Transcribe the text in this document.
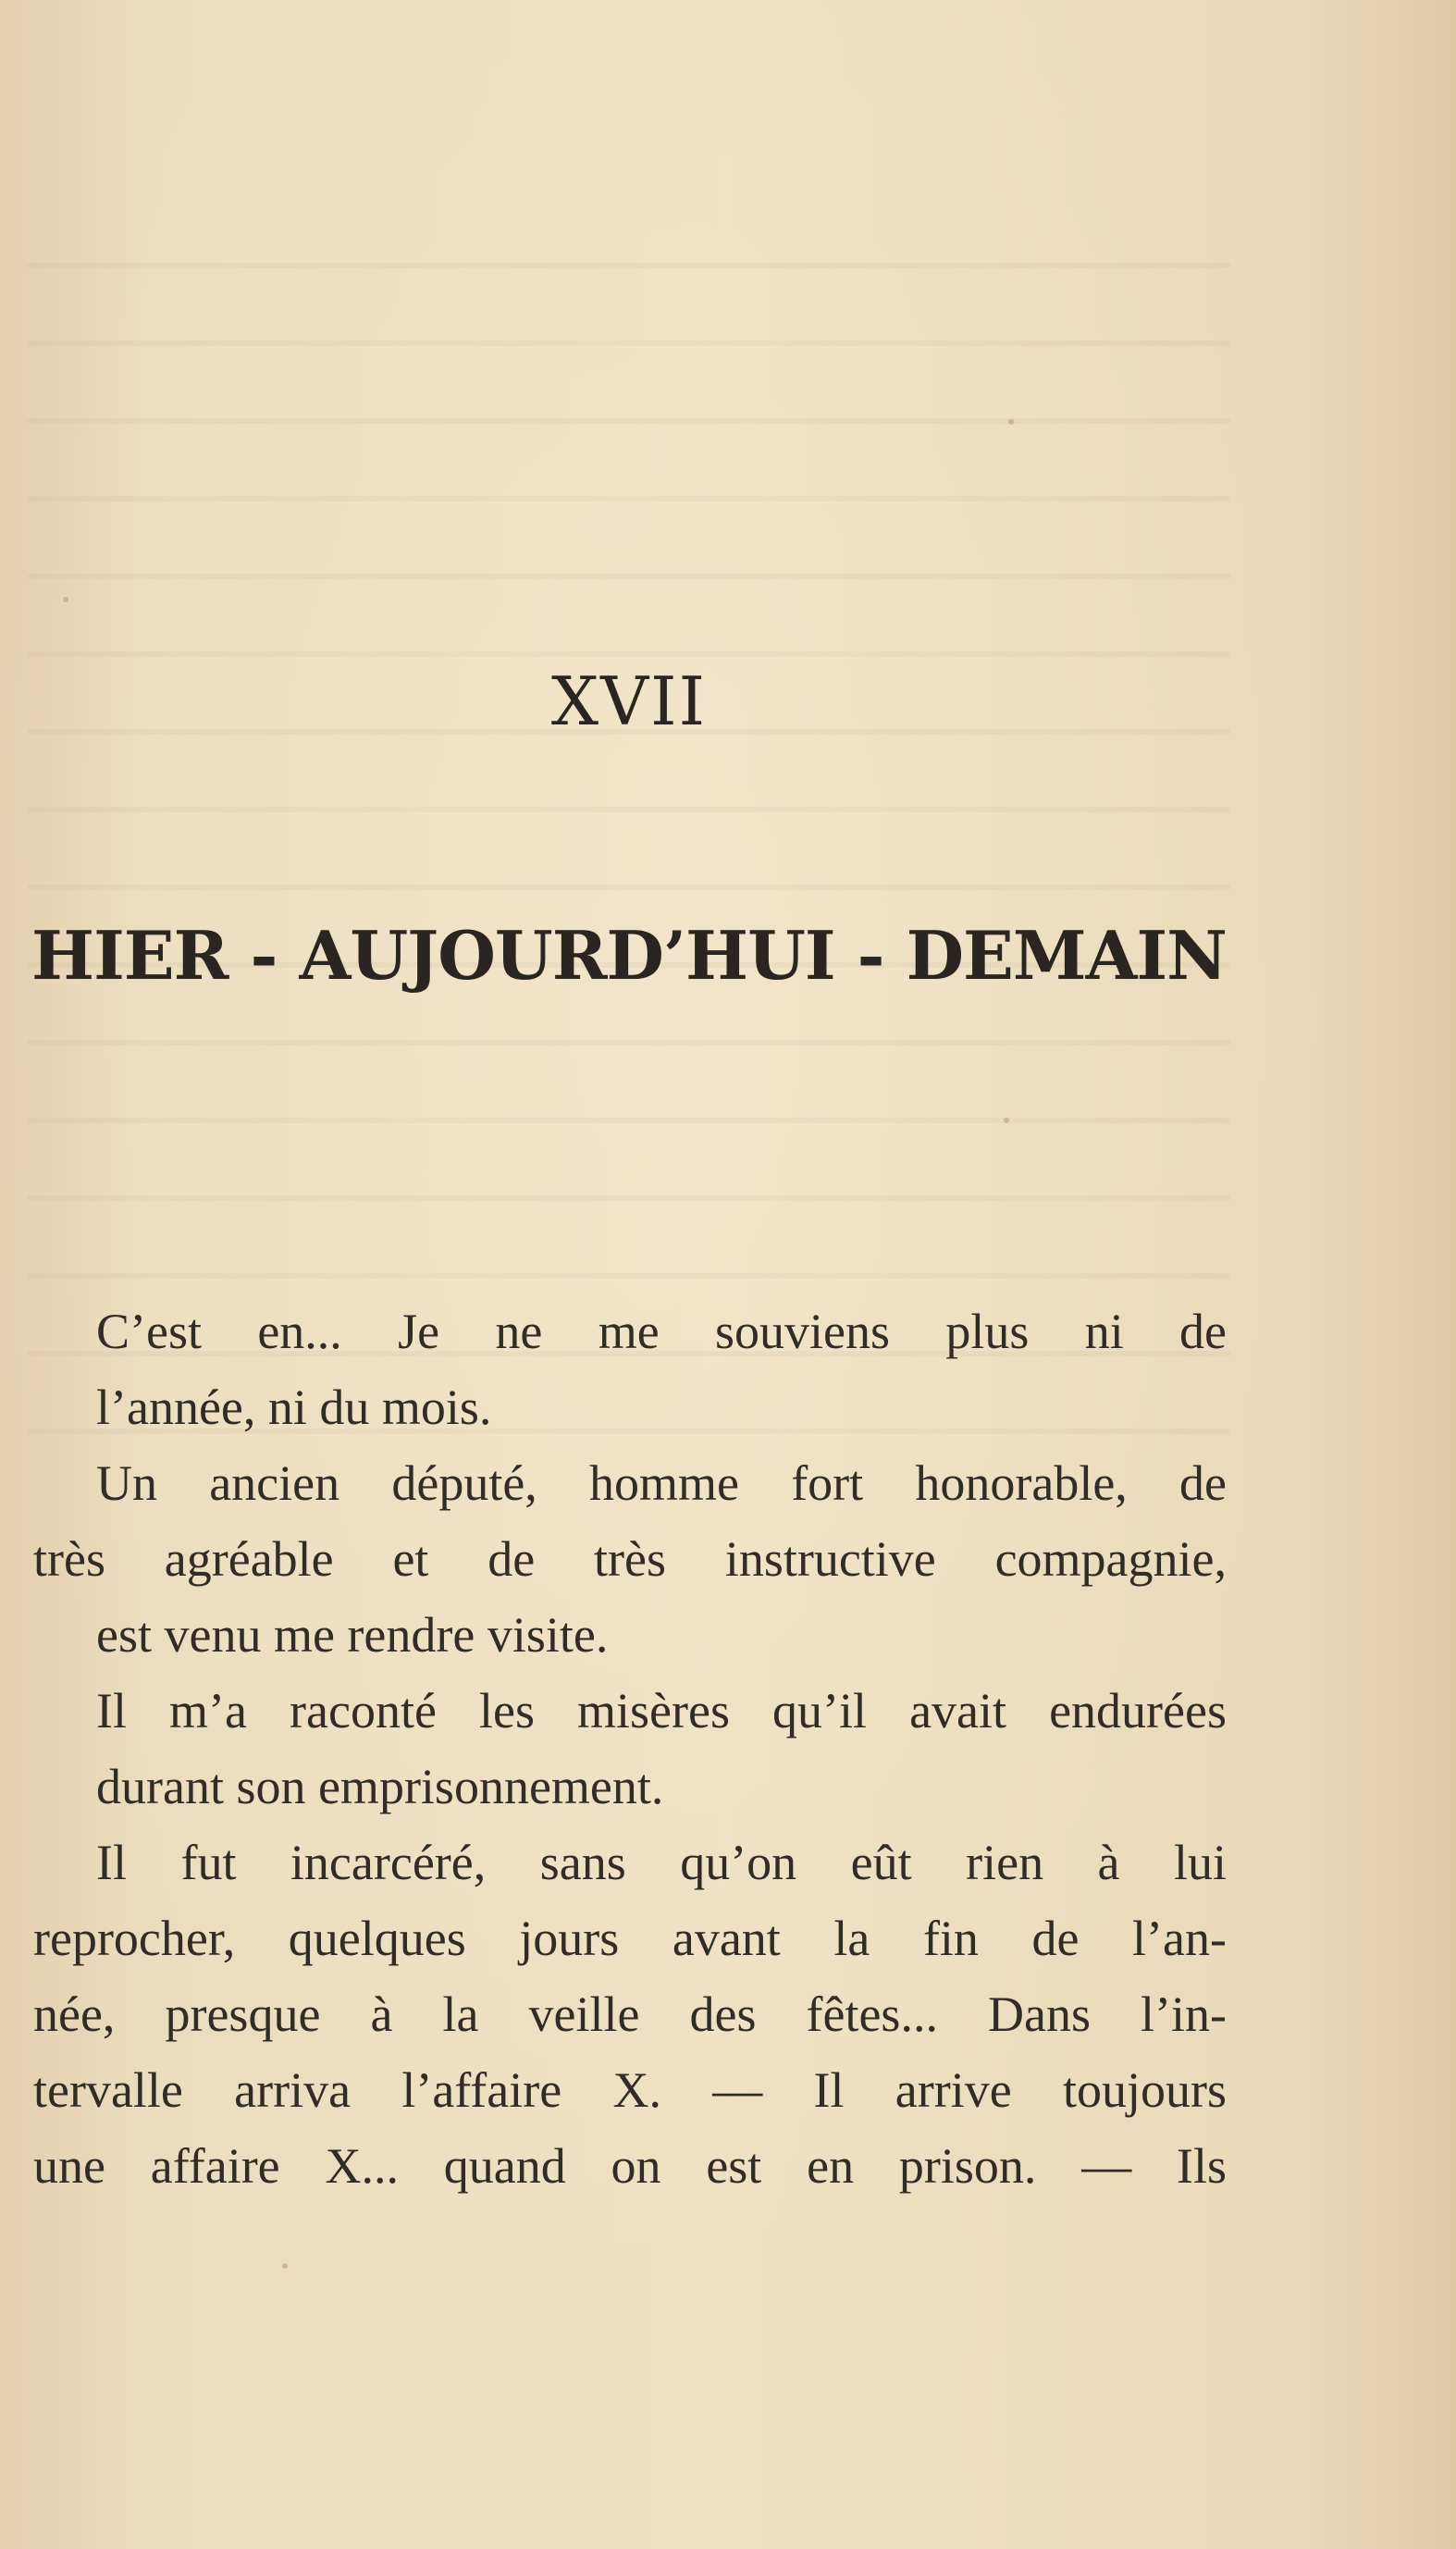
XVII
HIER - AUJOURD’HUI - DEMAIN

C’est en... Je ne me souviens plus ni de
l’année, ni du mois.

Un ancien député, homme fort honorable, de
très agréable et de très instructive compagnie,
est venu me rendre visite.

Il m’a raconté les misères qu’il avait endurées
durant son emprisonnement.

Il fut incarcéré, sans qu’on eût rien à lui
reprocher, quelques jours avant la fin de l’an-
née, presque à la veille des fêtes... Dans l’in-
tervalle arriva l’affaire X. — Il arrive toujours
une affaire X... quand on est en prison. — Ils
